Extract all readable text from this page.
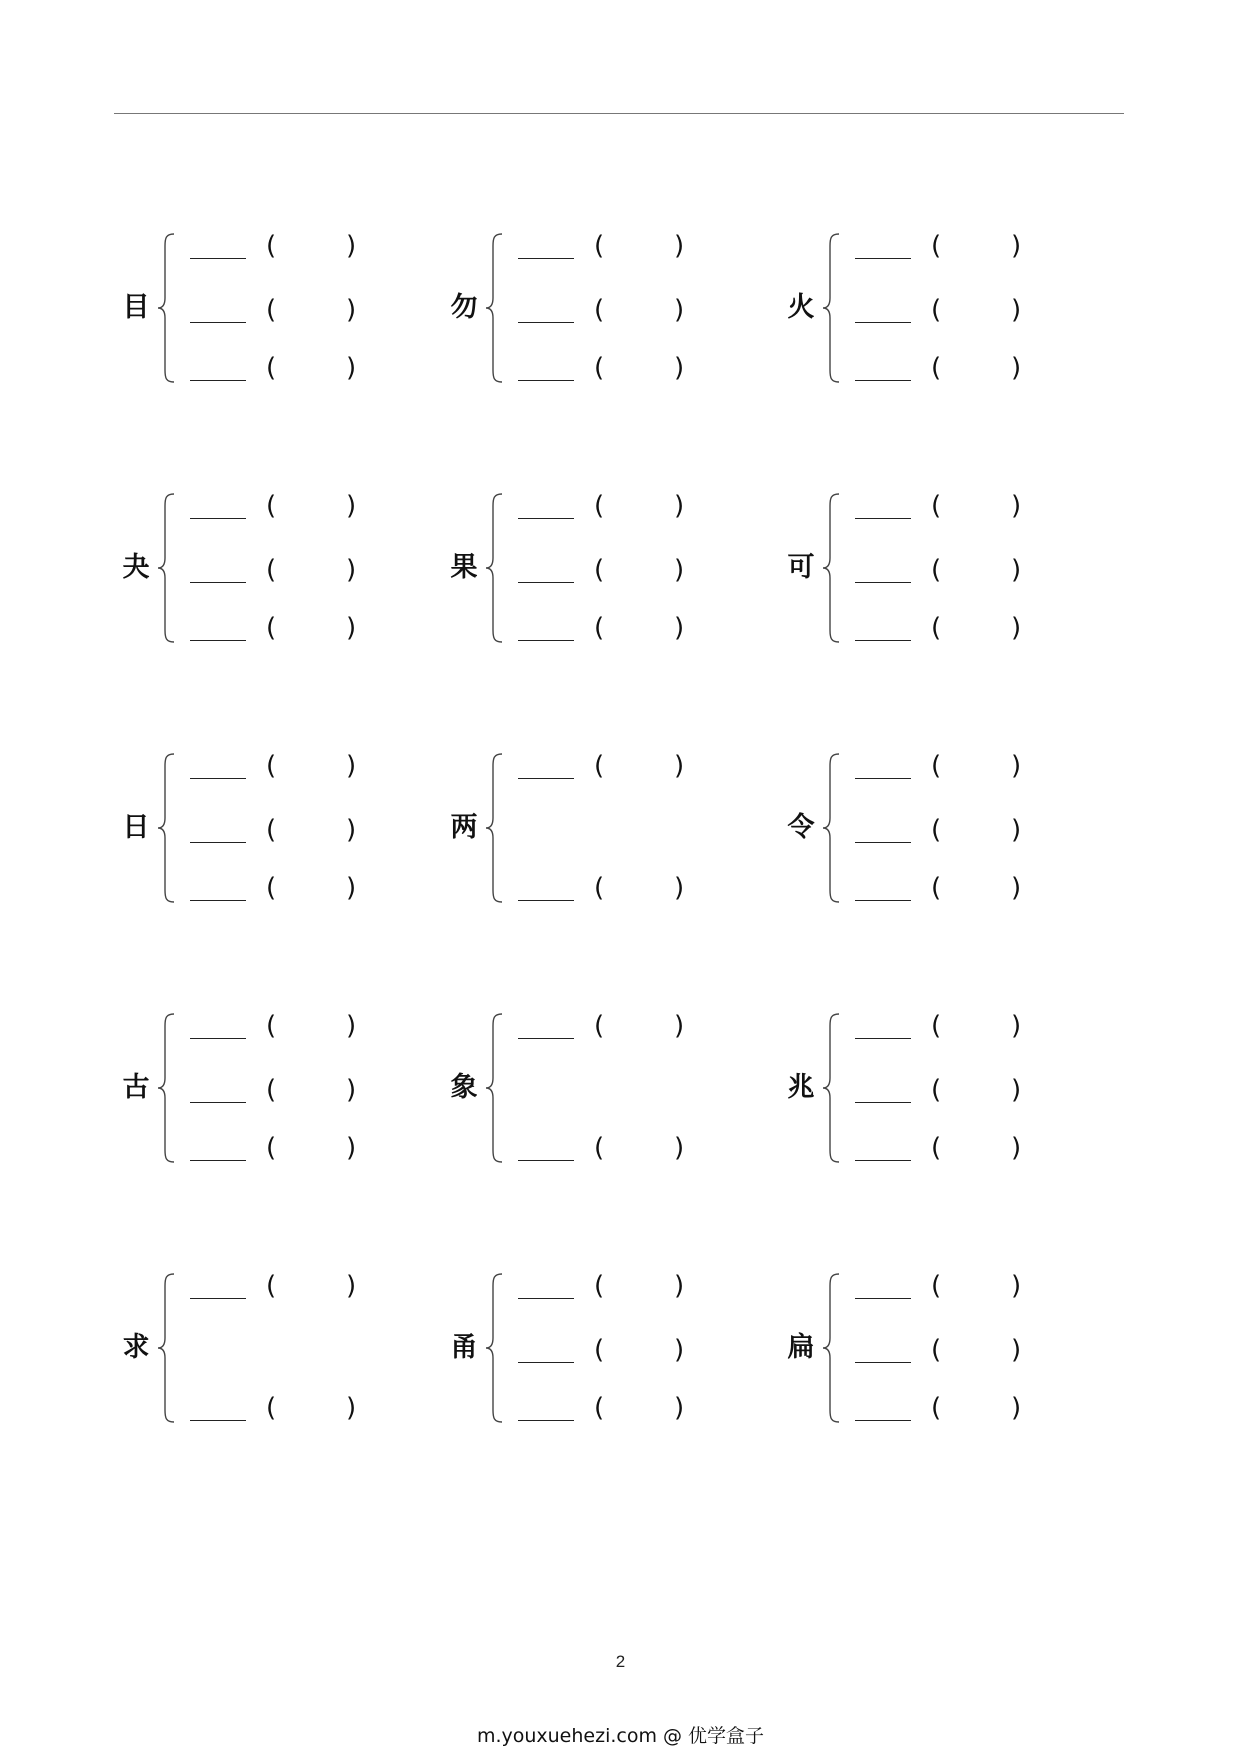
目
(	)
(	)
(	)
勿
(	)
(	)
(	)
火
(	)
(	)
(	)
夬
(	)
(	)
(	)
果
(	)
(	)
(	)
可
(	)
(	)
(	)
日
(	)
(	)
(	)
两
(	)
(	)
令
(	)
(	)
(	)
古
(	)
(	)
(	)
象
(	)
(	)
兆
(	)
(	)
(	)
求
(	)
(	)
甬
(	)
(	)
(	)
扁
(	)
(	)
(	)
2
m.youxuehezi.com @ 优学盒子
